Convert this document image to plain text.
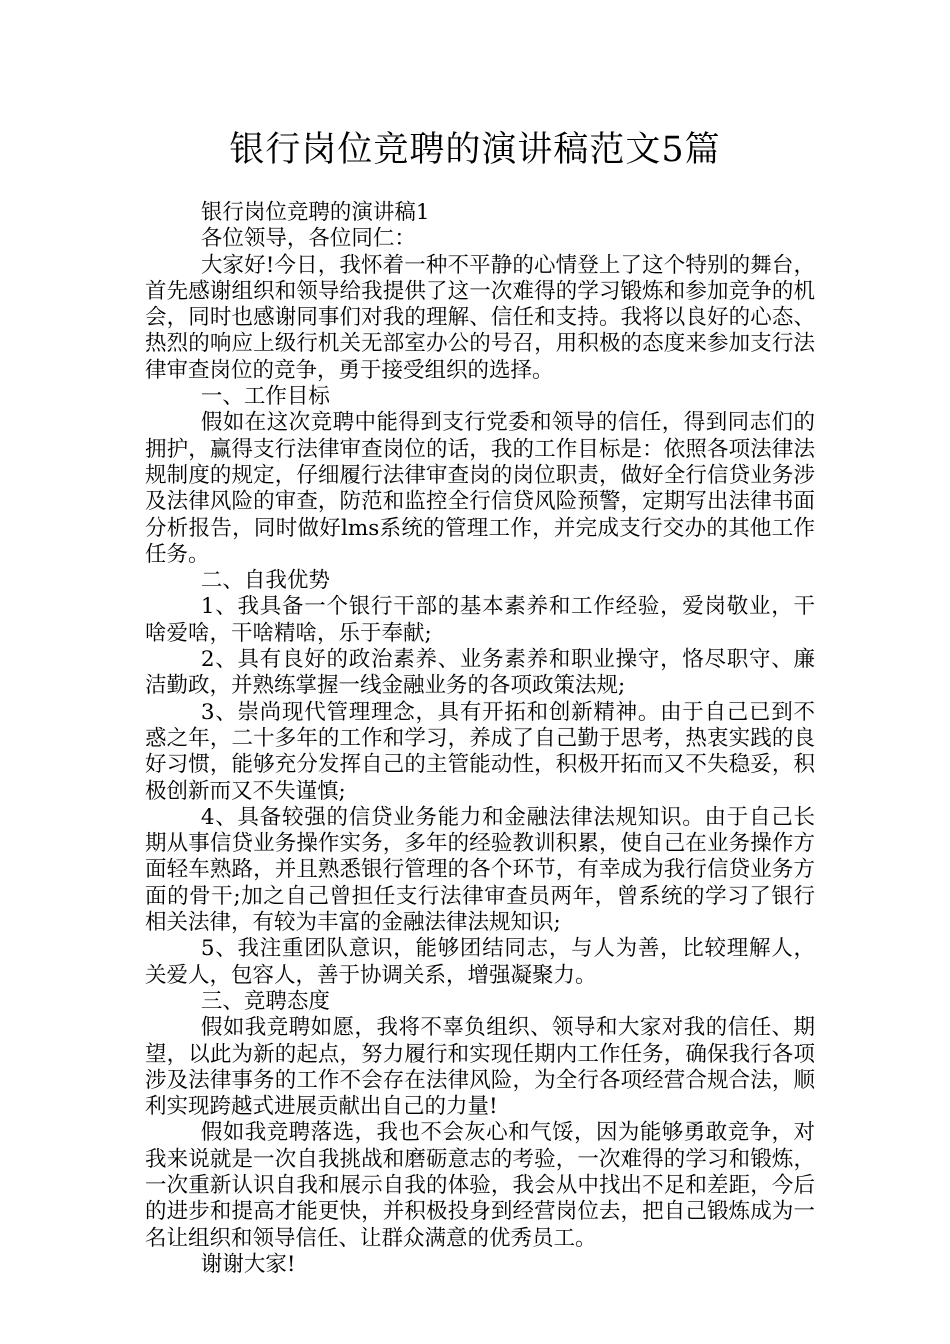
银行岗位竞聘的演讲稿范文5篇

银行岗位竞聘的演讲稿1

各位领导，各位同仁：

大家好!今日，我怀着一种不平静的心情登上了这个特别的舞台，首先感谢组织和领导给我提供了这一次难得的学习锻炼和参加竞争的机会，同时也感谢同事们对我的理解、信任和支持。我将以良好的心态、热烈的响应上级行机关无部室办公的号召，用积极的态度来参加支行法律审查岗位的竞争，勇于接受组织的选择。

一、工作目标

假如在这次竞聘中能得到支行党委和领导的信任，得到同志们的拥护，赢得支行法律审查岗位的话，我的工作目标是：依照各项法律法规制度的规定，仔细履行法律审查岗的岗位职责，做好全行信贷业务涉及法律风险的审查，防范和监控全行信贷风险预警，定期写出法律书面分析报告，同时做好lms系统的管理工作，并完成支行交办的其他工作任务。

二、自我优势

1、我具备一个银行干部的基本素养和工作经验，爱岗敬业，干啥爱啥，干啥精啥，乐于奉献;

2、具有良好的政治素养、业务素养和职业操守，恪尽职守、廉洁勤政，并熟练掌握一线金融业务的各项政策法规;

3、崇尚现代管理理念，具有开拓和创新精神。由于自己已到不惑之年，二十多年的工作和学习，养成了自己勤于思考，热衷实践的良好习惯，能够充分发挥自己的主管能动性，积极开拓而又不失稳妥，积极创新而又不失谨慎;

4、具备较强的信贷业务能力和金融法律法规知识。由于自己长期从事信贷业务操作实务，多年的经验教训积累，使自己在业务操作方面轻车熟路，并且熟悉银行管理的各个环节，有幸成为我行信贷业务方面的骨干;加之自己曾担任支行法律审查员两年，曾系统的学习了银行相关法律，有较为丰富的金融法律法规知识;

5、我注重团队意识，能够团结同志，与人为善，比较理解人，关爱人，包容人，善于协调关系，增强凝聚力。

三、竞聘态度

假如我竞聘如愿，我将不辜负组织、领导和大家对我的信任、期望，以此为新的起点，努力履行和实现任期内工作任务，确保我行各项涉及法律事务的工作不会存在法律风险，为全行各项经营合规合法，顺利实现跨越式进展贡献出自己的力量!

假如我竞聘落选，我也不会灰心和气馁，因为能够勇敢竞争，对我来说就是一次自我挑战和磨砺意志的考验，一次难得的学习和锻炼，一次重新认识自我和展示自我的体验，我会从中找出不足和差距，今后的进步和提高才能更快，并积极投身到经营岗位去，把自己锻炼成为一名让组织和领导信任、让群众满意的优秀员工。

谢谢大家!
